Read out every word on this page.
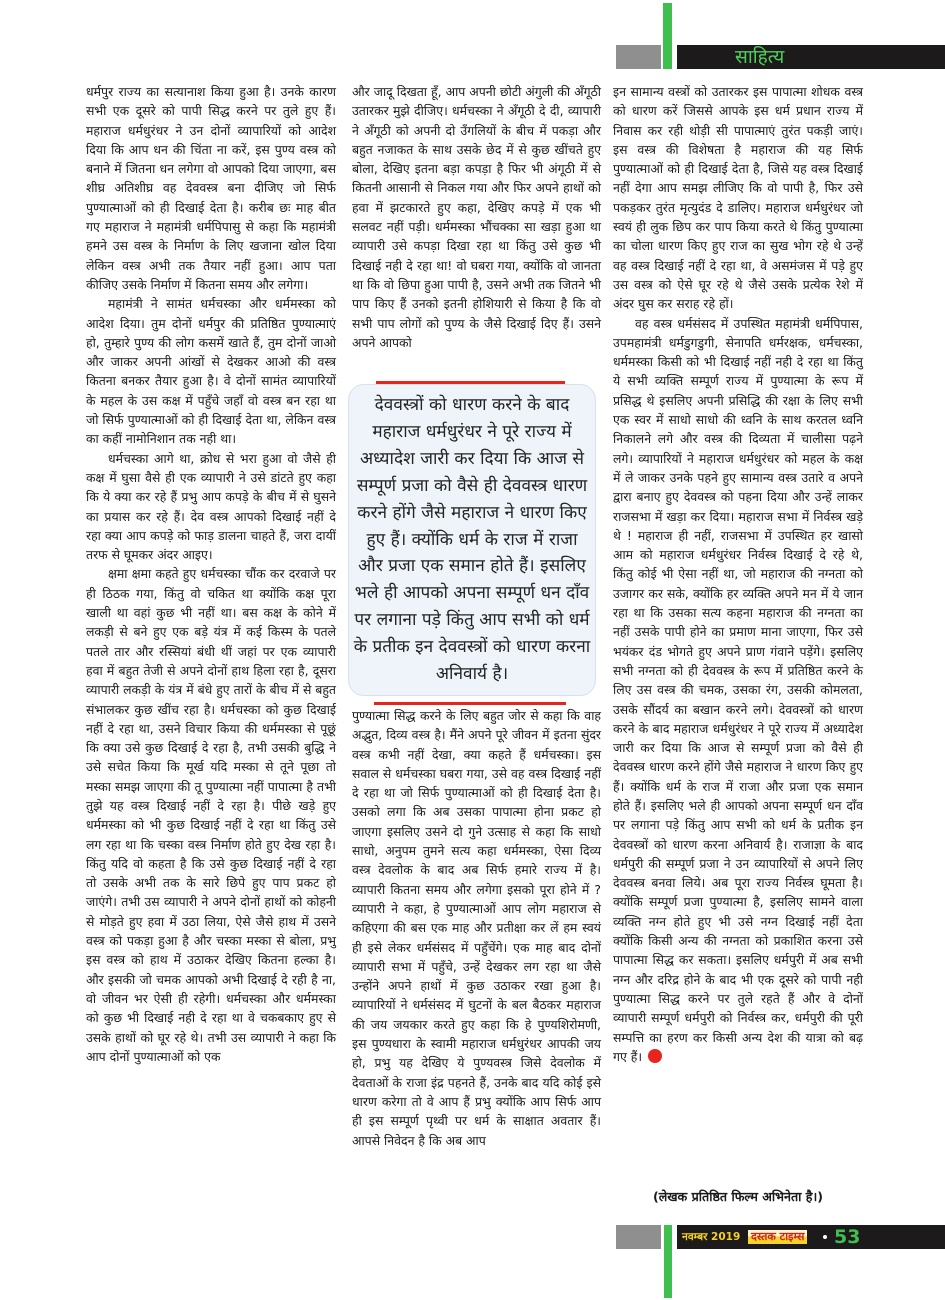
साहित्य

धर्मपुर राज्य का सत्यानाश किया हुआ है। उनके कारण सभी एक दूसरे को पापी सिद्ध करने पर तुले हुए हैं। महाराज धर्मधुरंधर ने उन दोनों व्यापारियों को आदेश दिया कि आप धन की चिंता ना करें, इस पुण्य वस्त्र को बनाने में जितना धन लगेगा वो आपको दिया जाएगा, बस शीघ्र अतिशीघ्र वह देववस्त्र बना दीजिए जो सिर्फ पुण्यात्माओं को ही दिखाई देता है। करीब छः माह बीत गए महाराज ने महामंत्री धर्मपिपासु से कहा कि महामंत्री हमने उस वस्त्र के निर्माण के लिए खजाना खोल दिया लेकिन वस्त्र अभी तक तैयार नहीं हुआ। आप पता कीजिए उसके निर्माण में कितना समय और लगेगा।

महामंत्री ने सामंत धर्मचस्का और धर्ममस्का को आदेश दिया। तुम दोनों धर्मपुर की प्रतिष्ठित पुण्यात्माएं हो, तुम्हारे पुण्य की लोग कसमें खाते हैं, तुम दोनों जाओ और जाकर अपनी आंखों से देखकर आओ की वस्त्र कितना बनकर तैयार हुआ है। वे दोनों सामंत व्यापारियों के महल के उस कक्ष में पहुँचे जहाँ वो वस्त्र बन रहा था जो सिर्फ पुण्यात्माओं को ही दिखाई देता था, लेकिन वस्त्र का कहीं नामोनिशान तक नही था।

धर्मचस्का आगे था, क्रोध से भरा हुआ वो जैसे ही कक्ष में घुसा वैसे ही एक व्यापारी ने उसे डांटते हुए कहा कि ये क्या कर रहे हैं प्रभु आप कपड़े के बीच में से घुसने का प्रयास कर रहे हैं। देव वस्त्र आपको दिखाई नहीं दे रहा क्या आप कपड़े को फाड़ डालना चाहते हैं, जरा दायीं तरफ से घूमकर अंदर आइए।

क्षमा क्षमा कहते हुए धर्मचस्का चौंक कर दरवाजे पर ही ठिठक गया, किंतु वो चकित था क्योंकि कक्ष पूरा खाली था वहां कुछ भी नहीं था। बस कक्ष के कोने में लकड़ी से बने हुए एक बड़े यंत्र में कई किस्म के पतले पतले तार और रस्सियां बंधी थीं जहां पर एक व्यापारी हवा में बहुत तेजी से अपने दोनों हाथ हिला रहा है, दूसरा व्यापारी लकड़ी के यंत्र में बंधे हुए तारों के बीच में से बहुत संभालकर कुछ खींच रहा है। धर्मचस्का को कुछ दिखाई नहीं दे रहा था, उसने विचार किया की धर्ममस्का से पूछूं कि क्या उसे कुछ दिखाई दे रहा है, तभी उसकी बुद्धि ने उसे सचेत किया कि मूर्ख यदि मस्का से तूने पूछा तो मस्का समझ जाएगा की तू पुण्यात्मा नहीं पापात्मा है तभी तुझे यह वस्त्र दिखाई नहीं दे रहा है। पीछे खड़े हुए धर्ममस्का को भी कुछ दिखाई नहीं दे रहा था किंतु उसे लग रहा था कि चस्का वस्त्र निर्माण होते हुए देख रहा है। किंतु यदि वो कहता है कि उसे कुछ दिखाई नहीं दे रहा तो उसके अभी तक के सारे छिपे हुए पाप प्रकट हो जाएंगे। तभी उस व्यापारी ने अपने दोनों हाथों को कोहनी से मोड़ते हुए हवा में उठा लिया, ऐसे जैसे हाथ में उसने वस्त्र को पकड़ा हुआ है और चस्का मस्का से बोला, प्रभु इस वस्त्र को हाथ में उठाकर देखिए कितना हल्का है। और इसकी जो चमक आपको अभी दिखाई दे रही है ना, वो जीवन भर ऐसी ही रहेगी। धर्मचस्का और धर्ममस्का को कुछ भी दिखाई नही दे रहा था वे चकबकाए हुए से उसके हाथों को घूर रहे थे। तभी उस व्यापारी ने कहा कि आप दोनों पुण्यात्माओं को एक

और जादू दिखता हूँ, आप अपनी छोटी अंगुली की अँगूठी उतारकर मुझे दीजिए। धर्मचस्का ने अँगूठी दे दी, व्यापारी ने अँगूठी को अपनी दो उँगलियों के बीच में पकड़ा और बहुत नजाकत के साथ उसके छेद में से कुछ खींचते हुए बोला, देखिए इतना बड़ा कपड़ा है फिर भी अंगूठी में से कितनी आसानी से निकल गया और फिर अपने हाथों को हवा में झटकारते हुए कहा, देखिए कपड़े में एक भी सलवट नहीं पड़ी। धर्ममस्का भौंचक्का सा खड़ा हुआ था व्यापारी उसे कपड़ा दिखा रहा था किंतु उसे कुछ भी दिखाई नही दे रहा था! वो घबरा गया, क्योंकि वो जानता था कि वो छिपा हुआ पापी है, उसने अभी तक जितने भी पाप किए हैं उनको इतनी होशियारी से किया है कि वो सभी पाप लोगों को पुण्य के जैसे दिखाई दिए हैं। उसने अपने आपको

देववस्त्रों को धारण करने के बाद महाराज धर्मधुरंधर ने पूरे राज्य में अध्यादेश जारी कर दिया कि आज से सम्पूर्ण प्रजा को वैसे ही देववस्त्र धारण करने होंगे जैसे महाराज ने धारण किए हुए हैं। क्योंकि धर्म के राज में राजा और प्रजा एक समान होते हैं। इसलिए भले ही आपको अपना सम्पूर्ण धन दाँव पर लगाना पड़े किंतु आप सभी को धर्म के प्रतीक इन देववस्त्रों को धारण करना अनिवार्य है।

पुण्यात्मा सिद्ध करने के लिए बहुत जोर से कहा कि वाह अद्भुत, दिव्य वस्त्र है। मैंने अपने पूरे जीवन में इतना सुंदर वस्त्र कभी नहीं देखा, क्या कहते हैं धर्मचस्का। इस सवाल से धर्मचस्का घबरा गया, उसे वह वस्त्र दिखाई नहीं दे रहा था जो सिर्फ पुण्यात्माओं को ही दिखाई देता है। उसको लगा कि अब उसका पापात्मा होना प्रकट हो जाएगा इसलिए उसने दो गुने उत्साह से कहा कि साधो साधो, अनुपम तुमने सत्य कहा धर्ममस्का, ऐसा दिव्य वस्त्र देवलोक के बाद अब सिर्फ हमारे राज्य में है। व्यापारी कितना समय और लगेगा इसको पूरा होने में ? व्यापारी ने कहा, हे पुण्यात्माओं आप लोग महाराज से कहिएगा की बस एक माह और प्रतीक्षा कर लें हम स्वयं ही इसे लेकर धर्मसंसद में पहुँचेंगे। एक माह बाद दोनों व्यापारी सभा में पहुँचे, उन्हें देखकर लग रहा था जैसे उन्होंने अपने हाथों में कुछ उठाकर रखा हुआ है। व्यापारियों ने धर्मसंसद में घुटनों के बल बैठकर महाराज की जय जयकार करते हुए कहा कि हे पुण्यशिरोमणी, इस पुण्यधारा के स्वामी महाराज धर्मधुरंधर आपकी जय हो, प्रभु यह देखिए ये पुण्यवस्त्र जिसे देवलोक में देवताओं के राजा इंद्र पहनते हैं, उनके बाद यदि कोई इसे धारण करेगा तो वे आप हैं प्रभु क्योंकि आप सिर्फ आप ही इस सम्पूर्ण पृथ्वी पर धर्म के साक्षात अवतार हैं। आपसे निवेदन है कि अब आप

इन सामान्य वस्त्रों को उतारकर इस पापात्मा शोधक वस्त्र को धारण करें जिससे आपके इस धर्म प्रधान राज्य में निवास कर रही थोड़ी सी पापात्माएं तुरंत पकड़ी जाएं। इस वस्त्र की विशेषता है महाराज की यह सिर्फ पुण्यात्माओं को ही दिखाई देता है, जिसे यह वस्त्र दिखाई नहीं देगा आप समझ लीजिए कि वो पापी है, फिर उसे पकड़कर तुरंत मृत्युदंड दे डालिए। महाराज धर्मधुरंधर जो स्वयं ही लुक छिप कर पाप किया करते थे किंतु पुण्यात्मा का चोला धारण किए हुए राज का सुख भोग रहे थे उन्हें वह वस्त्र दिखाई नहीं दे रहा था, वे असमंजस में पड़े हुए उस वस्त्र को ऐसे घूर रहे थे जैसे उसके प्रत्येक रेशे में अंदर घुस कर सराह रहे हों।

वह वस्त्र धर्मसंसद में उपस्थित महामंत्री धर्मपिपास, उपमहामंत्री धर्मडुगडुगी, सेनापति धर्मरक्षक, धर्मचस्का, धर्ममस्का किसी को भी दिखाई नहीं नही दे रहा था किंतु ये सभी व्यक्ति सम्पूर्ण राज्य में पुण्यात्मा के रूप में प्रसिद्ध थे इसलिए अपनी प्रसिद्धि की रक्षा के लिए सभी एक स्वर में साधो साधो की ध्वनि के साथ करतल ध्वनि निकालने लगे और वस्त्र की दिव्यता में चालीसा पढ़ने लगे। व्यापारियों ने महाराज धर्मधुरंधर को महल के कक्ष में ले जाकर उनके पहने हुए सामान्य वस्त्र उतारे व अपने द्वारा बनाए हुए देववस्त्र को पहना दिया और उन्हें लाकर राजसभा में खड़ा कर दिया। महाराज सभा में निर्वस्त्र खड़े थे ! महाराज ही नहीं, राजसभा में उपस्थित हर खासो आम को महाराज धर्मधुरंधर निर्वस्त्र दिखाई दे रहे थे, किंतु कोई भी ऐसा नहीं था, जो महाराज की नग्नता को उजागर कर सके, क्योंकि हर व्यक्ति अपने मन में ये जान रहा था कि उसका सत्य कहना महाराज की नग्नता का नहीं उसके पापी होने का प्रमाण माना जाएगा, फिर उसे भयंकर दंड भोगते हुए अपने प्राण गंवाने पड़ेंगे। इसलिए सभी नग्नता को ही देववस्त्र के रूप में प्रतिष्ठित करने के लिए उस वस्त्र की चमक, उसका रंग, उसकी कोमलता, उसके सौंदर्य का बखान करने लगे। देववस्त्रों को धारण करने के बाद महाराज धर्मधुरंधर ने पूरे राज्य में अध्यादेश जारी कर दिया कि आज से सम्पूर्ण प्रजा को वैसे ही देववस्त्र धारण करने होंगे जैसे महाराज ने धारण किए हुए हैं। क्योंकि धर्म के राज में राजा और प्रजा एक समान होते हैं। इसलिए भले ही आपको अपना सम्पूर्ण धन दाँव पर लगाना पड़े किंतु आप सभी को धर्म के प्रतीक इन देववस्त्रों को धारण करना अनिवार्य है। राजाज्ञा के बाद धर्मपुरी की सम्पूर्ण प्रजा ने उन व्यापारियों से अपने लिए देववस्त्र बनवा लिये। अब पूरा राज्य निर्वस्त्र घूमता है। क्योंकि सम्पूर्ण प्रजा पुण्यात्मा है, इसलिए सामने वाला व्यक्ति नग्न होते हुए भी उसे नग्न दिखाई नहीं देता क्योंकि किसी अन्य की नग्नता को प्रकाशित करना उसे पापात्मा सिद्ध कर सकता। इसलिए धर्मपुरी में अब सभी नग्न और दरिद्र होने के बाद भी एक दूसरे को पापी नही पुण्यात्मा सिद्ध करने पर तुले रहते हैं और वे दोनों व्यापारी सम्पूर्ण धर्मपुरी को निर्वस्त्र कर, धर्मपुरी की पूरी सम्पत्ति का हरण कर किसी अन्य देश की यात्रा को बढ़ गए हैं।

(लेखक प्रतिष्ठित फिल्म अभिनेता है।)
नवम्बर 2019 दस्तक टाइम्स 53
